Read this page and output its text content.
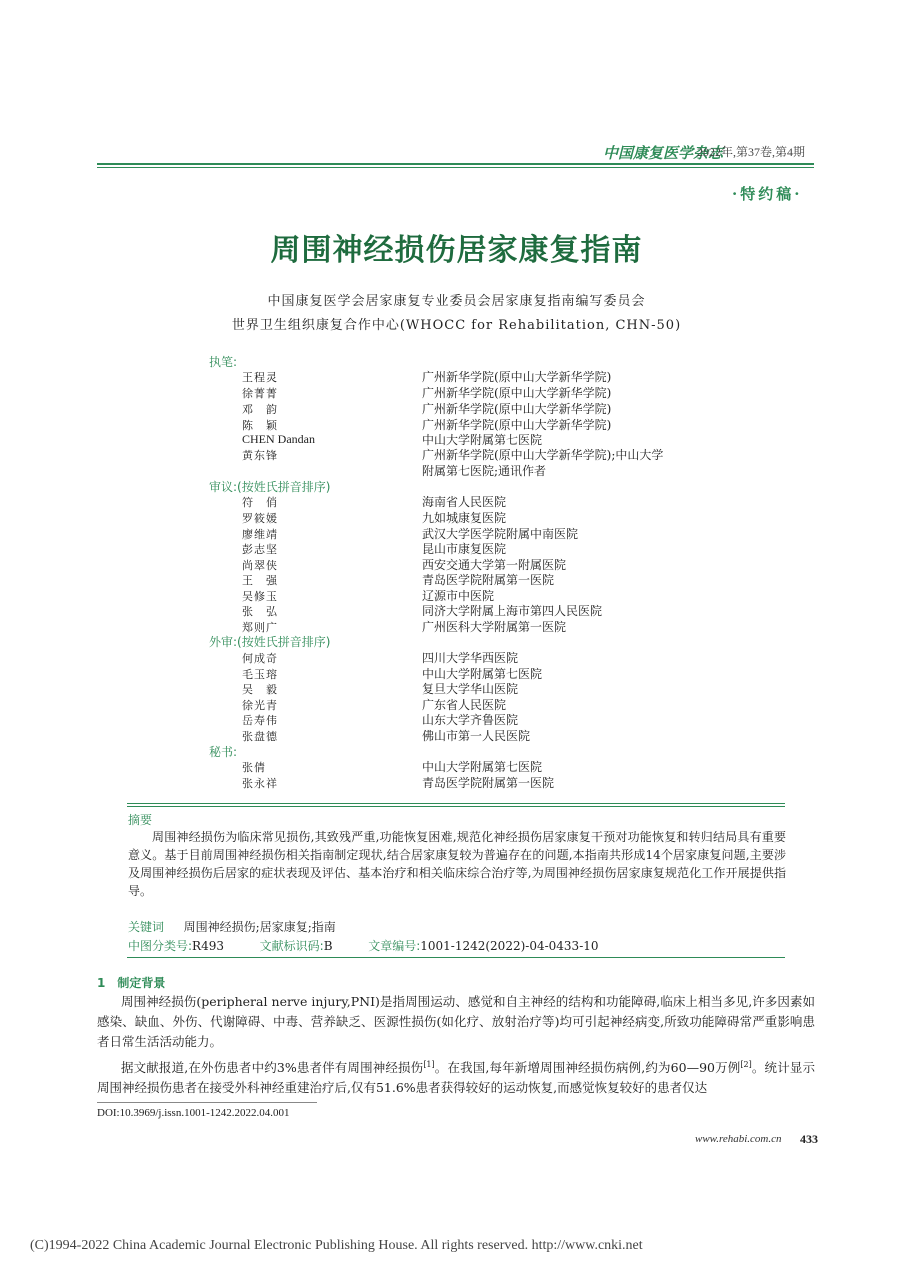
中国康复医学杂志
2022年,第37卷,第4期
·特约稿·
周围神经损伤居家康复指南
中国康复医学会居家康复专业委员会居家康复指南编写委员会
世界卫生组织康复合作中心(WHOCC for Rehabilitation, CHN-50)
执笔:
王程灵	广州新华学院(原中山大学新华学院)
徐菁菁	广州新华学院(原中山大学新华学院)
邓　韵	广州新华学院(原中山大学新华学院)
陈　颖	广州新华学院(原中山大学新华学院)
CHEN Dandan	中山大学附属第七医院
黄东锋	广州新华学院(原中山大学新华学院);中山大学
附属第七医院;通讯作者
审议:(按姓氏拼音排序)
符　俏	海南省人民医院
罗筱媛	九如城康复医院
廖维靖	武汉大学医学院附属中南医院
彭志坚	昆山市康复医院
尚翠侠	西安交通大学第一附属医院
王　强	青岛医学院附属第一医院
吴修玉	辽源市中医院
张　弘	同济大学附属上海市第四人民医院
郑则广	广州医科大学附属第一医院
外审:(按姓氏拼音排序)
何成奇	四川大学华西医院
毛玉瑢	中山大学附属第七医院
吴　毅	复旦大学华山医院
徐光青	广东省人民医院
岳寿伟	山东大学齐鲁医院
张盘德	佛山市第一人民医院
秘书:
张倩	中山大学附属第七医院
张永祥	青岛医学院附属第一医院
摘要
周围神经损伤为临床常见损伤,其致残严重,功能恢复困难,规范化神经损伤居家康复干预对功能恢复和转归结局具有重要意义。基于目前周围神经损伤相关指南制定现状,结合居家康复较为普遍存在的问题,本指南共形成14个居家康复问题,主要涉及周围神经损伤后居家的症状表现及评估、基本治疗和相关临床综合治疗等,为周围神经损伤居家康复规范化工作开展提供指导。
关键词 周围神经损伤;居家康复;指南
中图分类号:R493	文献标识码:B	文章编号:1001-1242(2022)-04-0433-10
1 制定背景
周围神经损伤(peripheral nerve injury,PNI)是指周围运动、感觉和自主神经的结构和功能障碍,临床上相当多见,许多因素如感染、缺血、外伤、代谢障碍、中毒、营养缺乏、医源性损伤(如化疗、放射治疗等)均可引起神经病变,所致功能障碍常严重影响患者日常生活活动能力。
据文献报道,在外伤患者中约3%患者伴有周围神经损伤[1]。在我国,每年新增周围神经损伤病例,约为60—90万例[2]。统计显示周围神经损伤患者在接受外科神经重建治疗后,仅有51.6%患者获得较好的运动恢复,而感觉恢复较好的患者仅达
DOI:10.3969/j.issn.1001-1242.2022.04.001
www.rehabi.com.cn 433
(C)1994-2022 China Academic Journal Electronic Publishing House. All rights reserved. http://www.cnki.net
